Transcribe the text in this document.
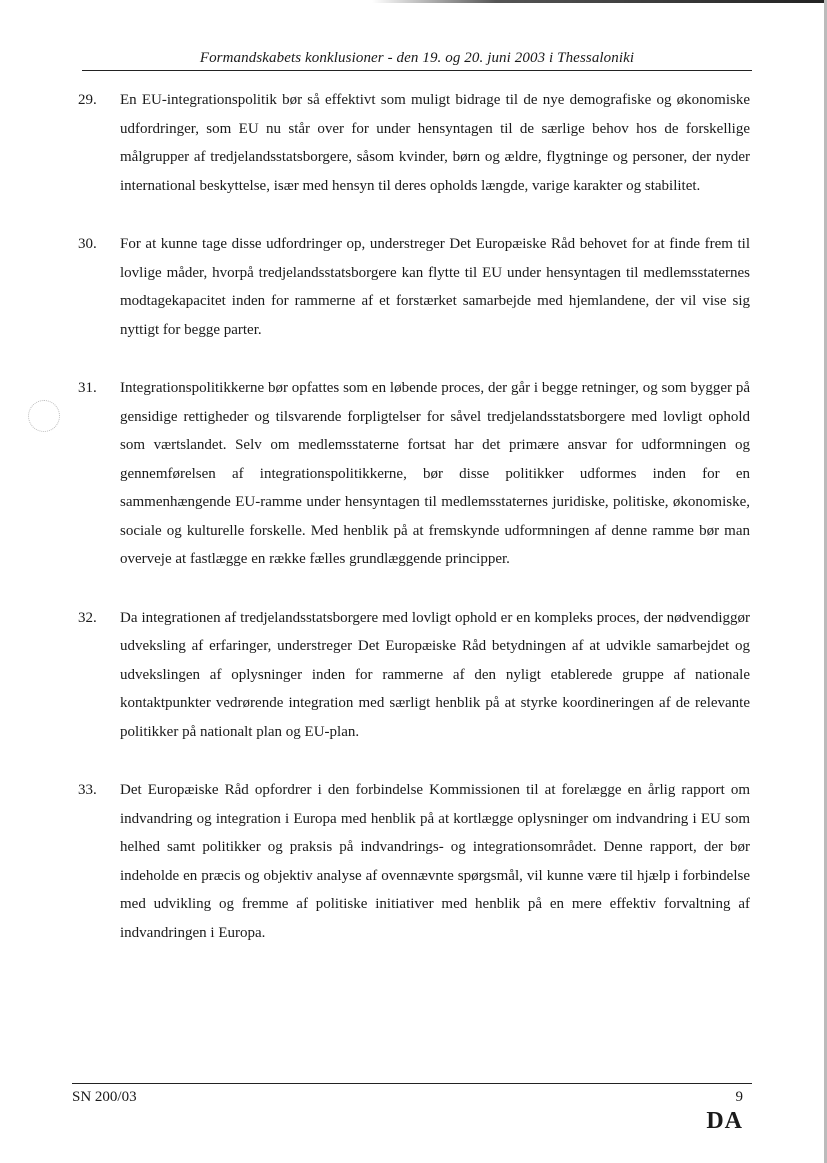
Formandskabets konklusioner - den 19. og 20. juni 2003 i Thessaloniki
29.	En EU-integrationspolitik bør så effektivt som muligt bidrage til de nye demografiske og økonomiske udfordringer, som EU nu står over for under hensyntagen til de særlige behov hos de forskellige målgrupper af tredjelandsstatsborgere, såsom kvinder, børn og ældre, flygtninge og personer, der nyder international beskyttelse, især med hensyn til deres opholds længde, varige karakter og stabilitet.
30.	For at kunne tage disse udfordringer op, understreger Det Europæiske Råd behovet for at finde frem til lovlige måder, hvorpå tredjelandsstatsborgere kan flytte til EU under hensyntagen til medlemsstaternes modtagekapacitet inden for rammerne af et forstærket samarbejde med hjemlandene, der vil vise sig nyttigt for begge parter.
31.	Integrationspolitikkerne bør opfattes som en løbende proces, der går i begge retninger, og som bygger på gensidige rettigheder og tilsvarende forpligtelser for såvel tredjelandsstatsborgere med lovligt ophold som værtslandet. Selv om medlemsstaterne fortsat har det primære ansvar for udformningen og gennemførelsen af integrationspolitikkerne, bør disse politikker udformes inden for en sammenhængende EU-ramme under hensyntagen til medlemsstaternes juridiske, politiske, økonomiske, sociale og kulturelle forskelle. Med henblik på at fremskynde udformningen af denne ramme bør man overveje at fastlægge en række fælles grundlæggende principper.
32.	Da integrationen af tredjelandsstatsborgere med lovligt ophold er en kompleks proces, der nødvendiggør udveksling af erfaringer, understreger Det Europæiske Råd betydningen af at udvikle samarbejdet og udvekslingen af oplysninger inden for rammerne af den nyligt etablerede gruppe af nationale kontaktpunkter vedrørende integration med særligt henblik på at styrke koordineringen af de relevante politikker på nationalt plan og EU-plan.
33.	Det Europæiske Råd opfordrer i den forbindelse Kommissionen til at forelægge en årlig rapport om indvandring og integration i Europa med henblik på at kortlægge oplysninger om indvandring i EU som helhed samt politikker og praksis på indvandrings- og integrationsområdet. Denne rapport, der bør indeholde en præcis og objektiv analyse af ovennævnte spørgsmål, vil kunne være til hjælp i forbindelse med udvikling og fremme af politiske initiativer med henblik på en mere effektiv forvaltning af indvandringen i Europa.
SN 200/03	9
DA
